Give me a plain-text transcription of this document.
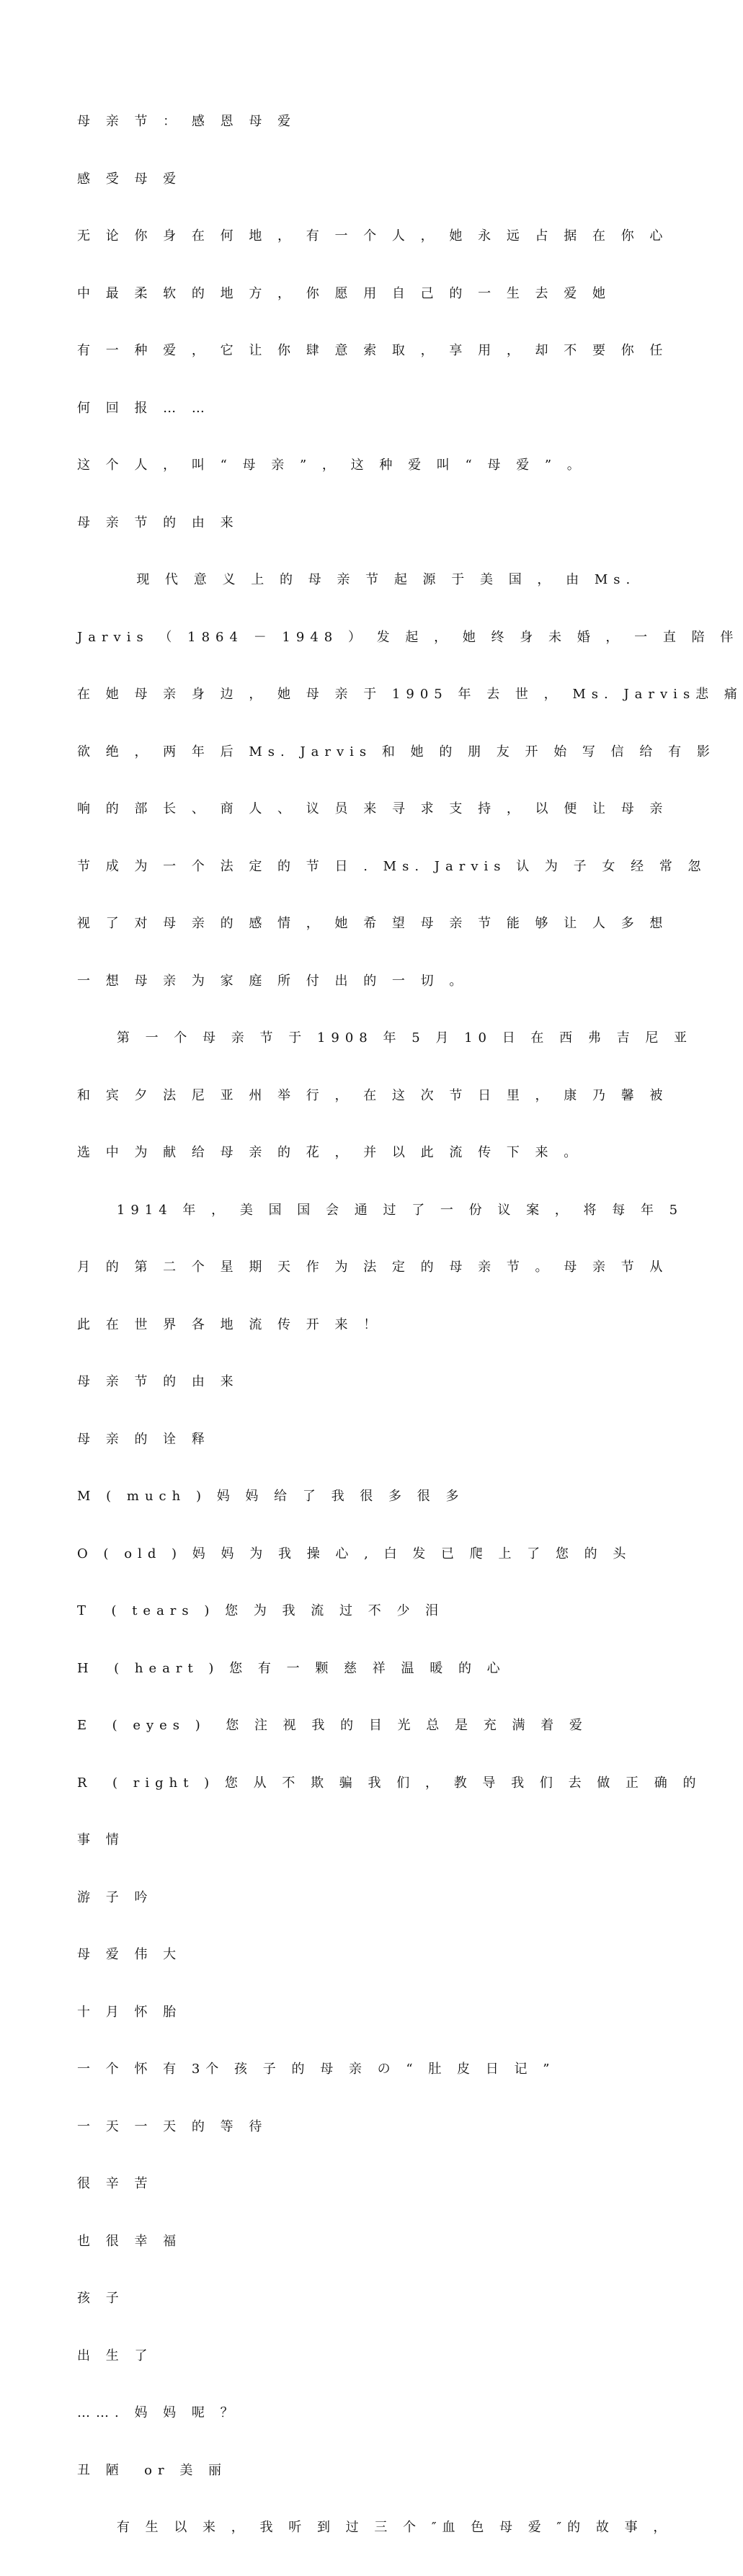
母 亲 节 ： 感 恩 母 爱

感 受 母 爱

无 论 你 身 在 何 地 ， 有 一 个 人 ， 她 永 远 占 据 在 你 心

中 最 柔 软 的 地 方 ， 你 愿 用 自 己 的 一 生 去 爱 她

有 一 种 爱 ， 它 让 你 肆 意 索 取 ， 享 用 ， 却 不 要 你 任

何 回 报 … …

这 个 人 ， 叫 “ 母 亲 ” ， 这 种 爱 叫 “ 母 爱 ” 。

母 亲 节 的 由 来

现 代 意 义 上 的 母 亲 节 起 源 于 美 国 ， 由 Ms.

Jarvis （ 1864 － 1948 ） 发 起 ， 她 终 身 未 婚 ， 一 直 陪 伴

在 她 母 亲 身 边 ， 她 母 亲 于 1905 年 去 世 ， Ms. Jarvis悲 痛

欲 绝 ， 两 年 后 Ms. Jarvis 和 她 的 朋 友 开 始 写 信 给 有 影

响 的 部 长 、 商 人 、 议 员 来 寻 求 支 持 ， 以 便 让 母 亲

节 成 为 一 个 法 定 的 节 日 . Ms. Jarvis 认 为 子 女 经 常 忽

视 了 对 母 亲 的 感 情 ， 她 希 望 母 亲 节 能 够 让 人 多 想

一 想 母 亲 为 家 庭 所 付 出 的 一 切 。

第 一 个 母 亲 节 于 1908 年 5 月 10 日 在 西 弗 吉 尼 亚

和 宾 夕 法 尼 亚 州 举 行 ， 在 这 次 节 日 里 ， 康 乃 馨 被

选 中 为 献 给 母 亲 的 花 ， 并 以 此 流 传 下 来 。

1914 年 ， 美 国 国 会 通 过 了 一 份 议 案 ， 将 每 年 5

月 的 第 二 个 星 期 天 作 为 法 定 的 母 亲 节 。 母 亲 节 从

此 在 世 界 各 地 流 传 开 来 ！

母 亲 节 的 由 来

母 亲 的 诠 释

M ( much ) 妈 妈 给 了 我 很 多 很 多

O ( old ) 妈 妈 为 我 操 心 , 白 发 已 爬 上 了 您 的 头

T  ( tears ) 您 为 我 流 过 不 少 泪

H  ( heart ) 您 有 一 颗 慈 祥 温 暖 的 心

E  ( eyes )  您 注 视 我 的 目 光 总 是 充 满 着 爱

R  ( right ) 您 从 不 欺 骗 我 们 ， 教 导 我 们 去 做 正 确 的

事 情

游 子 吟

母 爱 伟 大

十 月 怀 胎

一 个 怀 有 3个 孩 子 的 母 亲 の “ 肚 皮 日 记 ”

一 天 一 天 的 等 待

很 辛 苦

也 很 幸 福

孩 子

出 生 了

……. 妈 妈 呢 ？

丑 陋  or 美 丽

有 生 以 来 ， 我 听 到 过 三 个 ″血 色 母 爱 ″的 故 事 ，
